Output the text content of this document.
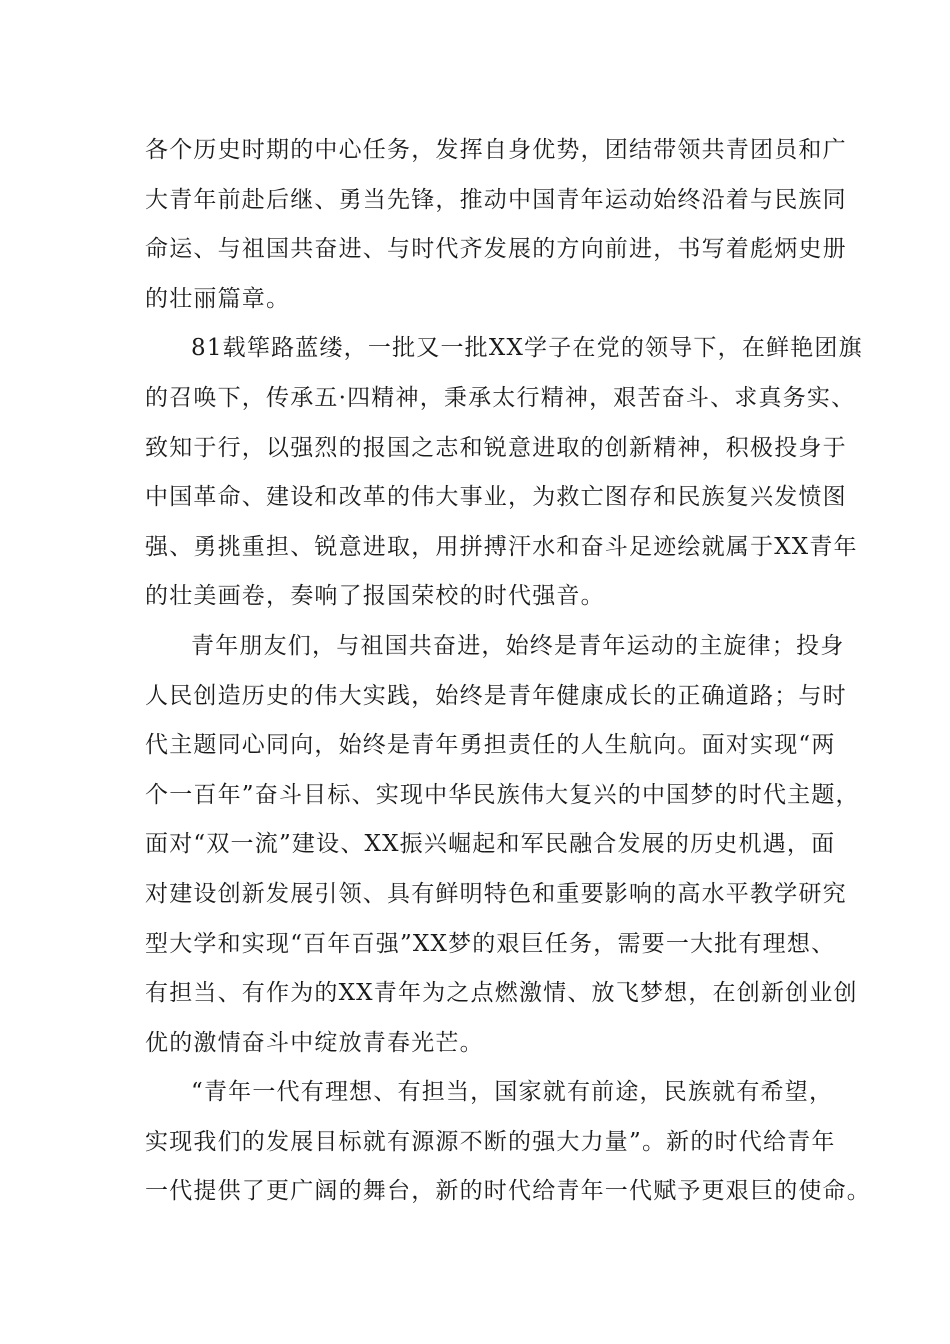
各个历史时期的中心任务，发挥自身优势，团结带领共青团员和广
大青年前赴后继、勇当先锋，推动中国青年运动始终沿着与民族同
命运、与祖国共奋进、与时代齐发展的方向前进，书写着彪炳史册
的壮丽篇章。
81载筚路蓝缕，一批又一批XX学子在党的领导下，在鲜艳团旗
的召唤下，传承五·四精神，秉承太行精神，艰苦奋斗、求真务实、
致知于行，以强烈的报国之志和锐意进取的创新精神，积极投身于
中国革命、建设和改革的伟大事业，为救亡图存和民族复兴发愤图
强、勇挑重担、锐意进取，用拼搏汗水和奋斗足迹绘就属于XX青年
的壮美画卷，奏响了报国荣校的时代强音。
青年朋友们，与祖国共奋进，始终是青年运动的主旋律；投身
人民创造历史的伟大实践，始终是青年健康成长的正确道路；与时
代主题同心同向，始终是青年勇担责任的人生航向。面对实现“两
个一百年”奋斗目标、实现中华民族伟大复兴的中国梦的时代主题，
面对“双一流”建设、XX振兴崛起和军民融合发展的历史机遇，面
对建设创新发展引领、具有鲜明特色和重要影响的高水平教学研究
型大学和实现“百年百强”XX梦的艰巨任务，需要一大批有理想、
有担当、有作为的XX青年为之点燃激情、放飞梦想，在创新创业创
优的激情奋斗中绽放青春光芒。
“青年一代有理想、有担当，国家就有前途，民族就有希望，
实现我们的发展目标就有源源不断的强大力量”。新的时代给青年
一代提供了更广阔的舞台，新的时代给青年一代赋予更艰巨的使命。
